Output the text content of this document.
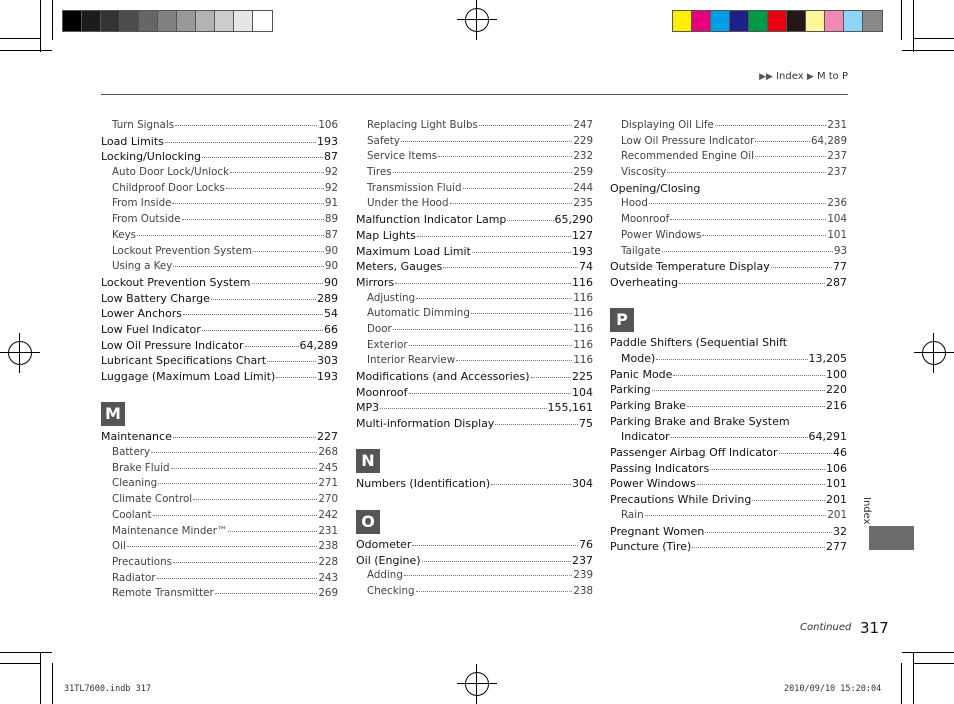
▶▶ Index ▶ M to P
Turn Signals	106
Load Limits	193
Locking/Unlocking	87
Auto Door Lock/Unlock	92
Childproof Door Locks	92
From Inside	91
From Outside	89
Keys	87
Lockout Prevention System	90
Using a Key	90
Lockout Prevention System	90
Low Battery Charge	289
Lower Anchors	54
Low Fuel Indicator	66
Low Oil Pressure Indicator	64,289
Lubricant Specifications Chart	303
Luggage (Maximum Load Limit)	193
M
Maintenance	227
Battery	268
Brake Fluid	245
Cleaning	271
Climate Control	270
Coolant	242
Maintenance Minder™	231
Oil	238
Precautions	228
Radiator	243
Remote Transmitter	269
Replacing Light Bulbs	247
Safety	229
Service Items	232
Tires	259
Transmission Fluid	244
Under the Hood	235
Malfunction Indicator Lamp	65,290
Map Lights	127
Maximum Load Limit	193
Meters, Gauges	74
Mirrors	116
Adjusting	116
Automatic Dimming	116
Door	116
Exterior	116
Interior Rearview	116
Modifications (and Accessories)	225
Moonroof	104
MP3	155,161
Multi-information Display	75
N
Numbers (Identification)	304
O
Odometer	76
Oil (Engine)	237
Adding	239
Checking	238
Displaying Oil Life	231
Low Oil Pressure Indicator	64,289
Recommended Engine Oil	237
Viscosity	237
Opening/Closing
Hood	236
Moonroof	104
Power Windows	101
Tailgate	93
Outside Temperature Display	77
Overheating	287
P
Paddle Shifters (Sequential Shift
Mode)	13,205
Panic Mode	100
Parking	220
Parking Brake	216
Parking Brake and Brake System
Indicator	64,291
Passenger Airbag Off Indicator	46
Passing Indicators	106
Power Windows	101
Precautions While Driving	201
Rain	201
Pregnant Women	32
Puncture (Tire)	277
Index
Continued 317
31TL7600.indb 317	2010/09/10 15:20:04
